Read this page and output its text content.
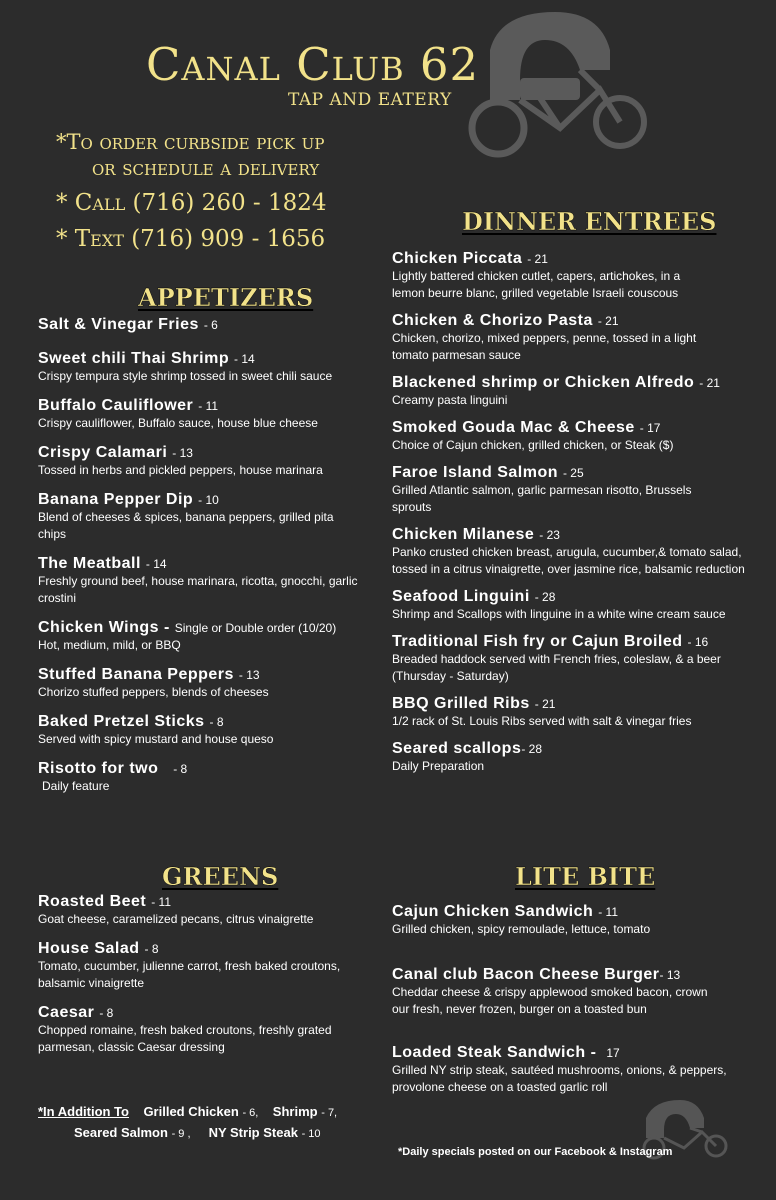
Canal Club 62
TAP AND EATERY
*To order curbside pick up
or schedule a delivery
* Call (716) 260 - 1824
* Text (716) 909 - 1656
APPETIZERS
DINNER ENTREES
GREENS	LITE BITE
Salt & Vinegar Fries - 6
Sweet chili Thai Shrimp - 14
Crispy tempura style shrimp tossed in sweet chili sauce
Buffalo Cauliflower - 11
Crispy cauliflower, Buffalo sauce, house blue cheese
Crispy Calamari - 13
Tossed in herbs and pickled peppers, house marinara
Banana Pepper Dip - 10
Blend of cheeses & spices, banana peppers, grilled pita chips
The Meatball - 14
Freshly ground beef, house marinara, ricotta, gnocchi, garlic crostini
Chicken Wings - Single or Double order (10/20)
Hot, medium, mild, or BBQ
Stuffed Banana Peppers - 13
Chorizo stuffed peppers, blends of cheeses
Baked Pretzel Sticks - 8
Served with spicy mustard and house queso
Risotto for two - 8
Daily feature
Chicken Piccata - 21
Lightly battered chicken cutlet, capers, artichokes, in a lemon beurre blanc, grilled vegetable Israeli couscous
Chicken & Chorizo Pasta - 21
Chicken, chorizo, mixed peppers, penne, tossed in a light tomato parmesan sauce
Blackened shrimp or Chicken Alfredo - 21
Creamy pasta linguini
Smoked Gouda Mac & Cheese - 17
Choice of Cajun chicken, grilled chicken, or Steak ($)
Faroe Island Salmon - 25
Grilled Atlantic salmon, garlic parmesan risotto, Brussels sprouts
Chicken Milanese - 23
Panko crusted chicken breast, arugula, cucumber,& tomato salad, tossed in a citrus vinaigrette, over jasmine rice, balsamic reduction
Seafood Linguini - 28
Shrimp and Scallops with linguine in a white wine cream sauce
Traditional Fish fry or Cajun Broiled - 16
Breaded haddock served with French fries, coleslaw, & a beer (Thursday - Saturday)
BBQ Grilled Ribs - 21
1/2 rack of St. Louis Ribs served with salt & vinegar fries
Seared scallops- 28
Daily Preparation
Roasted Beet - 11
Goat cheese, caramelized pecans, citrus vinaigrette
House Salad - 8
Tomato, cucumber, julienne carrot, fresh baked croutons, balsamic vinaigrette
Caesar - 8
Chopped romaine, fresh baked croutons, freshly grated parmesan, classic Caesar dressing
Cajun Chicken Sandwich - 11
Grilled chicken, spicy remoulade, lettuce, tomato
Canal club Bacon Cheese Burger- 13
Cheddar cheese & crispy applewood smoked bacon, crown our fresh, never frozen, burger on a toasted bun
Loaded Steak Sandwich - 17
Grilled NY strip steak, sautéed mushrooms, onions, & peppers, provolone cheese on a toasted garlic roll
*In Addition To Grilled Chicken - 6, Shrimp - 7,
Seared Salmon - 9 , NY Strip Steak - 10
*Daily specials posted on our Facebook & Instagram
